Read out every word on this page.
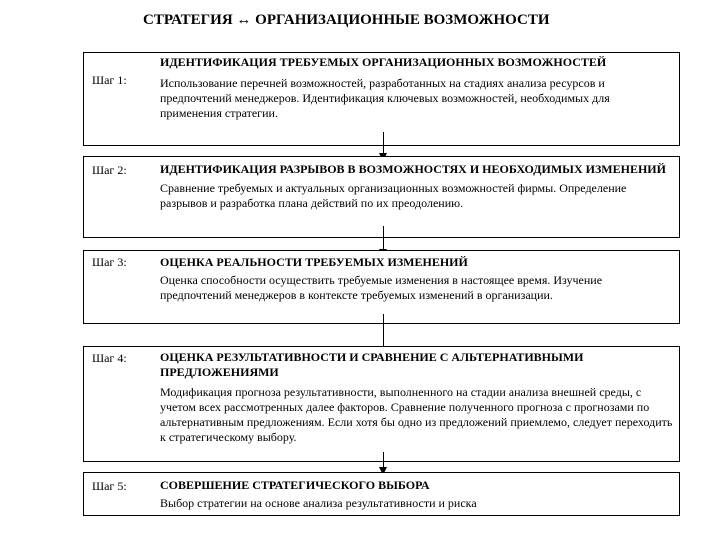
СТРАТЕГИЯ ↔ ОРГАНИЗАЦИОННЫЕ ВОЗМОЖНОСТИ
Шаг 1:
ИДЕНТИФИКАЦИЯ ТРЕБУЕМЫХ ОРГАНИЗАЦИОННЫХ ВОЗМОЖНОСТЕЙ
Использование перечней возможностей, разработанных на стадиях анализа ресурсов и предпочтений менеджеров. Идентификация ключевых возможностей, необходимых для применения стратегии.
Шаг 2:	ИДЕНТИФИКАЦИЯ РАЗРЫВОВ В ВОЗМОЖНОСТЯХ И НЕОБХОДИМЫХ ИЗМЕНЕНИЙ
Сравнение требуемых и актуальных организационных возможностей фирмы. Определение разрывов и разработка плана действий по их преодолению.
Шаг 3:	ОЦЕНКА РЕАЛЬНОСТИ ТРЕБУЕМЫХ ИЗМЕНЕНИЙ
Оценка способности осуществить требуемые изменения в настоящее время. Изучение предпочтений менеджеров в контексте требуемых изменений в организации.
Шаг 4:	ОЦЕНКА РЕЗУЛЬТАТИВНОСТИ И СРАВНЕНИЕ С АЛЬТЕРНАТИВНЫМИ ПРЕДЛОЖЕНИЯМИ
Модификация прогноза результативности, выполненного на стадии анализа внешней среды, с учетом всех рассмотренных далее факторов. Сравнение полученного прогноза с прогнозами по альтернативным предложениям. Если хотя бы одно из предложений приемлемо, следует переходить к стратегическому выбору.
Шаг 5:	СОВЕРШЕНИЕ СТРАТЕГИЧЕСКОГО ВЫБОРА
Выбор стратегии на основе анализа результативности и риска
